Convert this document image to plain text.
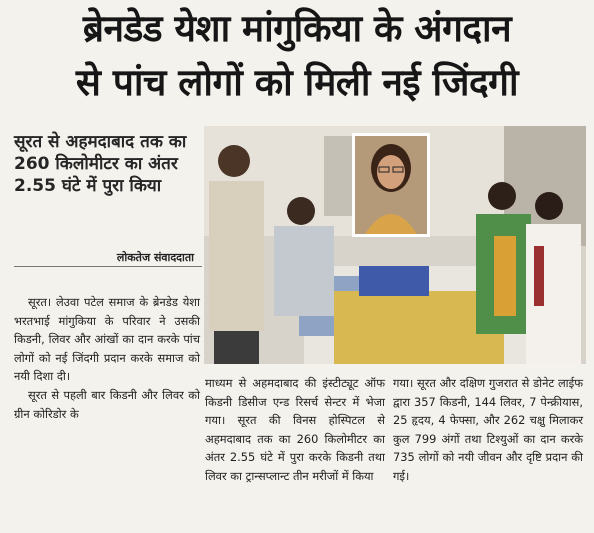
ब्रेनडेड येशा मांगुकिया के अंगदान
से पांच लोगों को मिली नई जिंदगी
सूरत से अहमदाबाद तक का 260 किलोमीटर का अंतर 2.55 घंटे में पुरा किया
लोकतेज संवाददाता

सूरत। लेउवा पटेल समाज के ब्रेनडेड येशा भरतभाई मांगुकिया के परिवार ने उसकी किडनी, लिवर और आंखों का दान करके पांच लोगों को नई जिंदगी प्रदान करके समाज को नयी दिशा दी।

सूरत से पहली बार किडनी और लिवर को ग्रीन कोरिडोर के

माध्यम से अहमदाबाद की इंस्टीट्यूट ऑफ किडनी डिसीज एन्ड रिसर्च सेन्टर में भेजा गया। सूरत की विनस होस्पिटल से अहमदाबाद तक का 260 किलोमीटर का अंतर 2.55 घंटे में पुरा करके किडनी तथा लिवर का ट्रान्सप्लान्ट तीन मरीजों में किया

गया। सूरत और दक्षिण गुजरात से डोनेट लाईफ द्वारा 357 किडनी, 144 लिवर, 7 पेन्क्रीयास, 25 हृदय, 4 फेफ्सा, और 262 चक्षु मिलाकर कुल 799 अंगों तथा टिश्युओं का दान करके 735 लोगों को नयी जीवन और दृष्टि प्रदान की गई।
